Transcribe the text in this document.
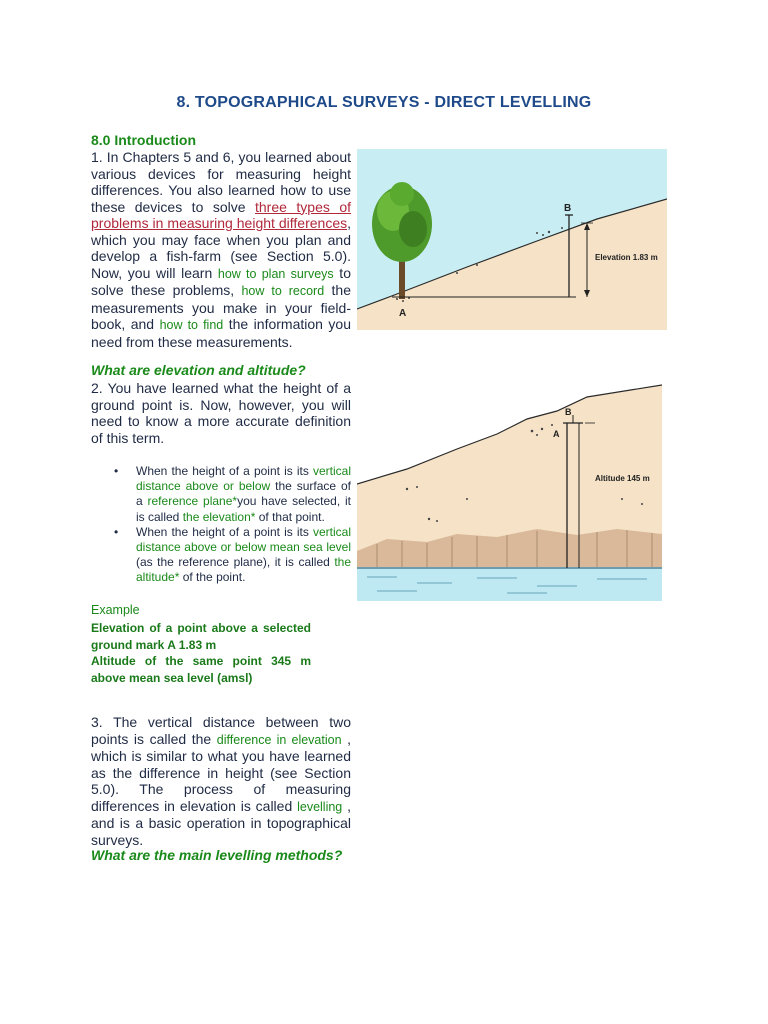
8. TOPOGRAPHICAL SURVEYS - DIRECT LEVELLING
8.0 Introduction
1. In Chapters 5 and 6, you learned about various devices for measuring height differences. You also learned how to use these devices to solve three types of problems in measuring height differences, which you may face when you plan and develop a fish-farm (see Section 5.0). Now, you will learn how to plan surveys to solve these problems, how to record the measurements you make in your field-book, and how to find the information you need from these measurements.
What are elevation and altitude?
2. You have learned what the height of a ground point is. Now, however, you will need to know a more accurate definition of this term.
• When the height of a point is its vertical distance above or below the surface of a reference plane*you have selected, it is called the elevation* of that point.
• When the height of a point is its vertical distance above or below mean sea level (as the reference plane), it is called the altitude* of the point.
Example
Elevation of a point above a selected ground mark A 1.83 m
Altitude of the same point 345 m above mean sea level (amsl)
3. The vertical distance between two points is called the difference in elevation , which is similar to what you have learned as the difference in height (see Section 5.0). The process of measuring differences in elevation is called levelling , and is a basic operation in topographical surveys.
What are the main levelling methods?
A
B
Elevation 1.83 m
A
B
Altitude 145 m
